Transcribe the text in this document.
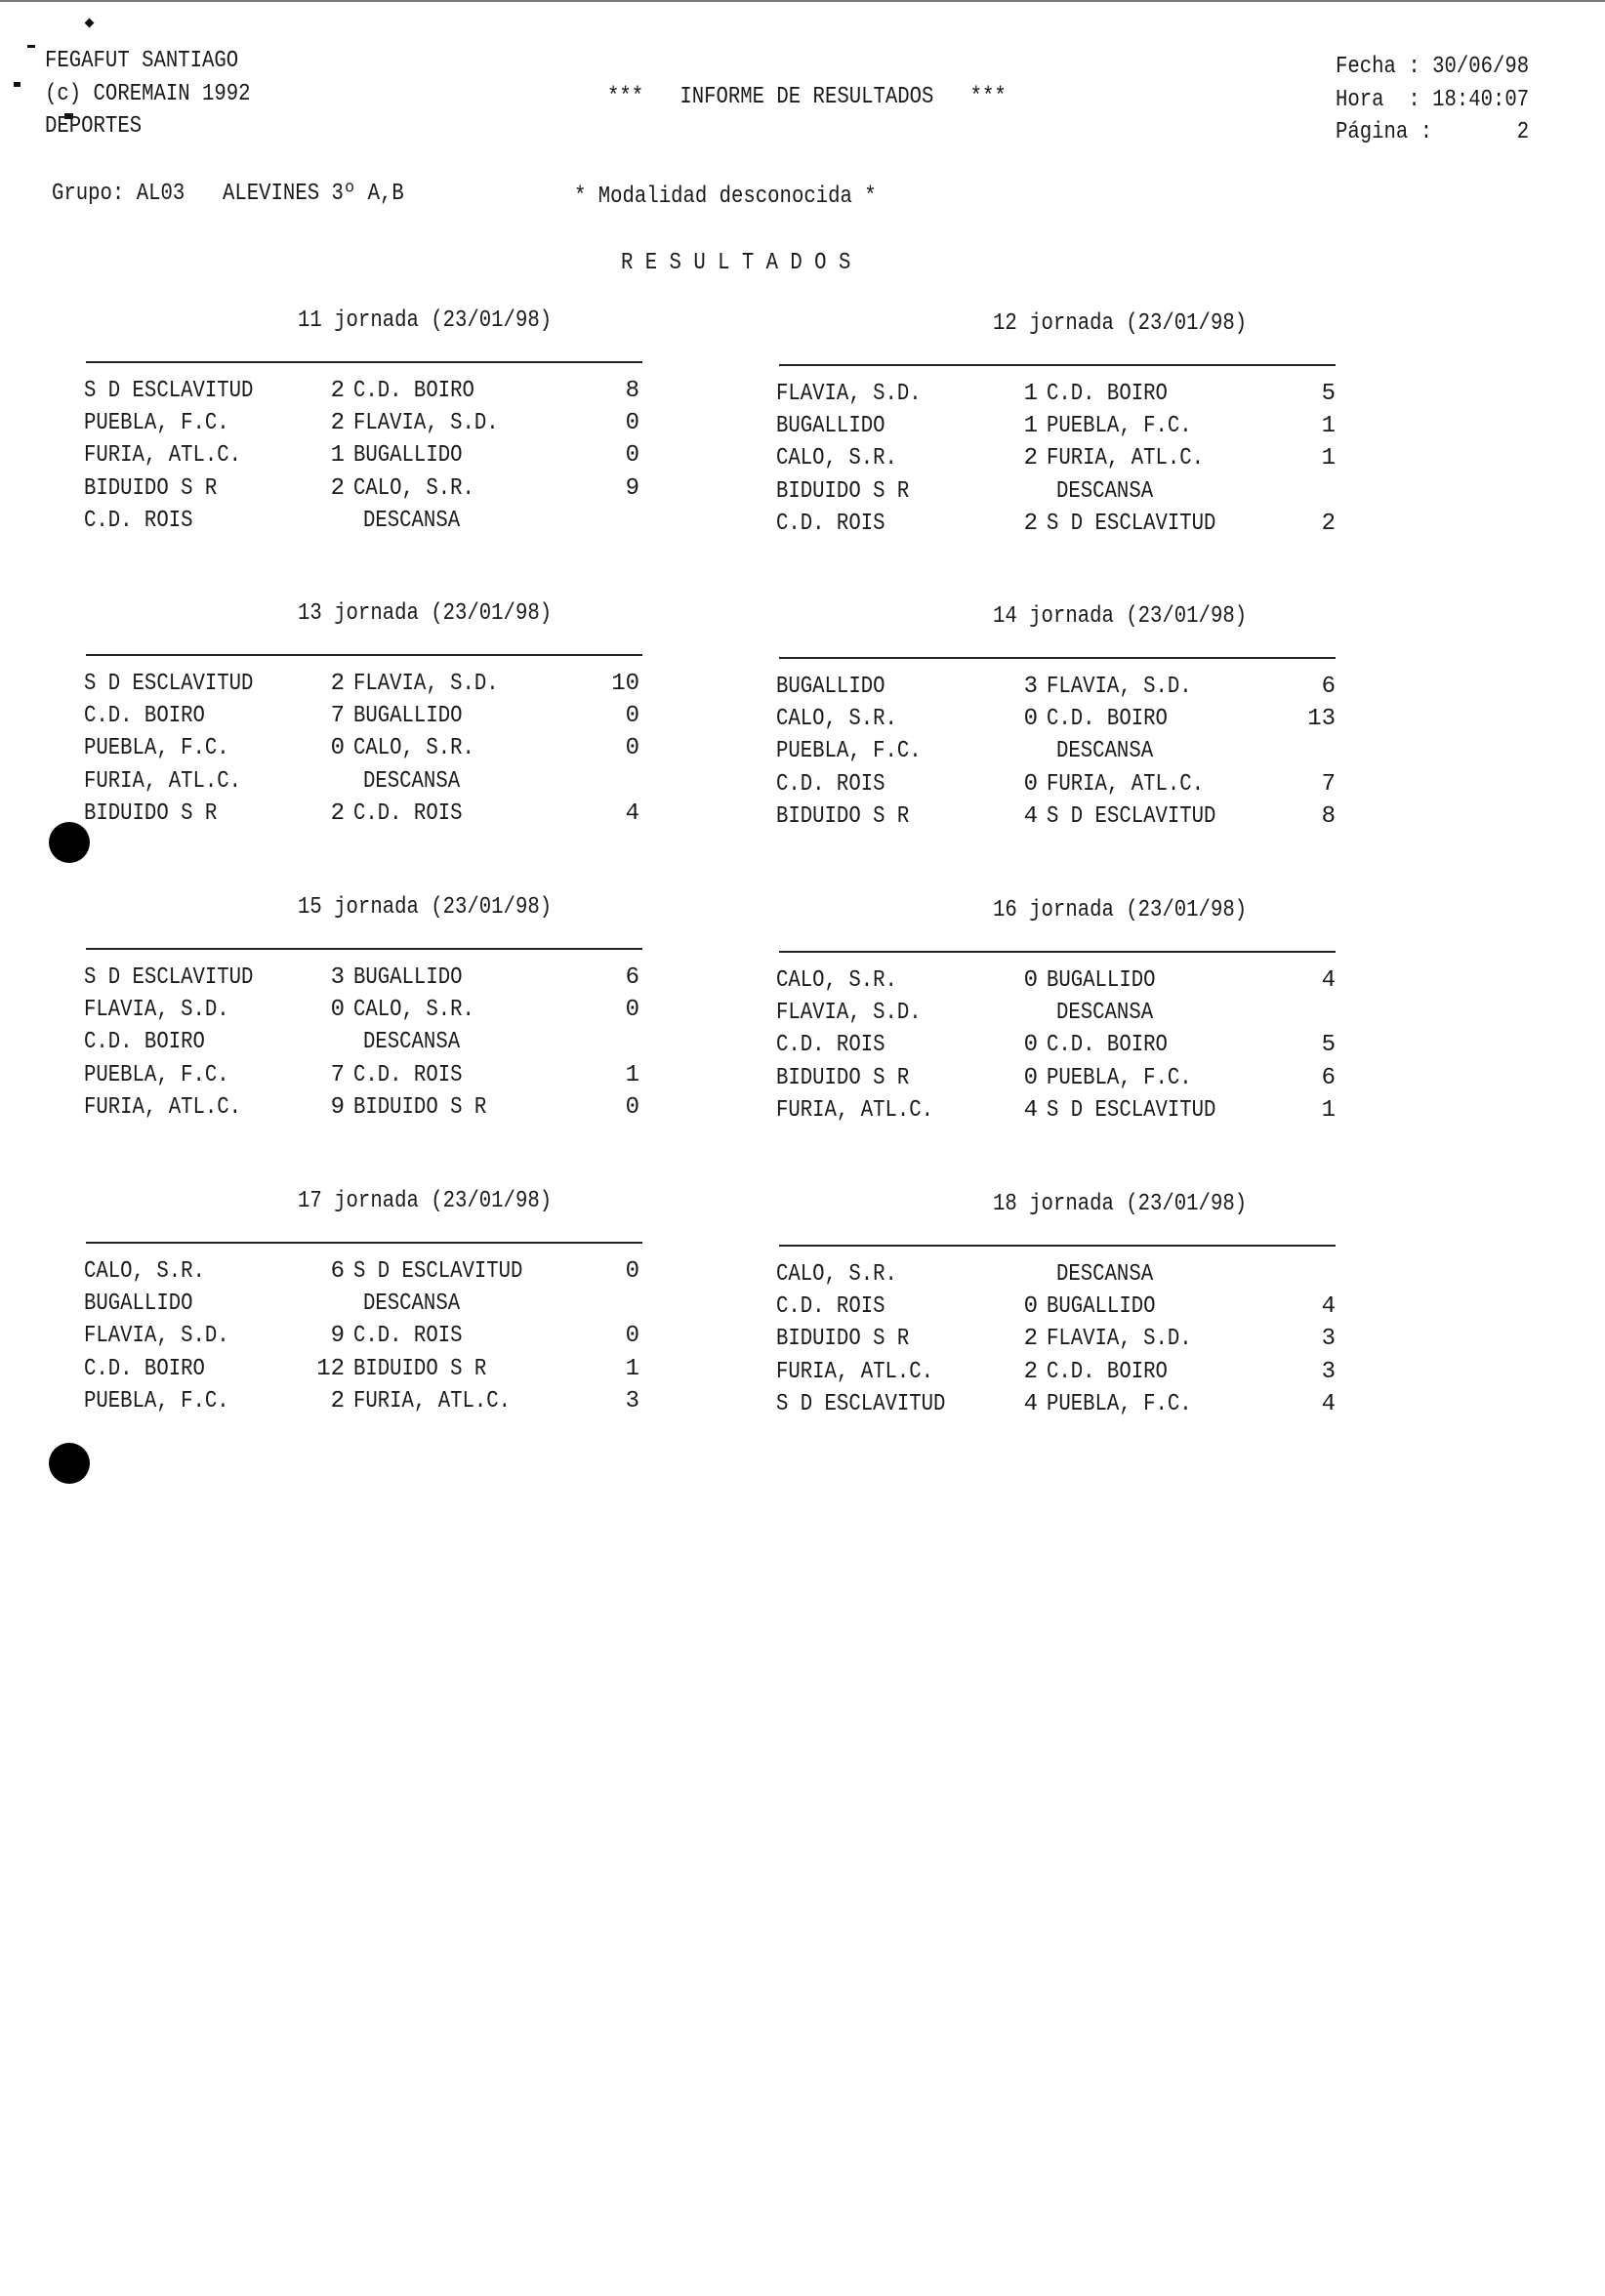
FEGAFUT SANTIAGO
(c) COREMAIN 1992
DEPORTES
***   INFORME DE RESULTADOS   ***
Fecha : 30/06/98
Hora  : 18:40:07
Página :       2
Grupo: AL03 ALEVINES 3º A,B	* Modalidad desconocida *
R E S U L T A D O S
11 jornada (23/01/98)
S D ESCLAVITUD	2 C.D. BOIRO	8
PUEBLA, F.C.	2 FLAVIA, S.D.	0
FURIA, ATL.C.	1 BUGALLIDO	0
BIDUIDO S R	2 CALO, S.R.	9
C.D. ROIS	DESCANSA
12 jornada (23/01/98)
FLAVIA, S.D.	1 C.D. BOIRO	5
BUGALLIDO	1 PUEBLA, F.C.	1
CALO, S.R.	2 FURIA, ATL.C.	1
BIDUIDO S R	DESCANSA
C.D. ROIS	2 S D ESCLAVITUD	2
13 jornada (23/01/98)
S D ESCLAVITUD	2 FLAVIA, S.D.	10
C.D. BOIRO	7 BUGALLIDO	0
PUEBLA, F.C.	0 CALO, S.R.	0
FURIA, ATL.C.	DESCANSA
BIDUIDO S R	2 C.D. ROIS	4
14 jornada (23/01/98)
BUGALLIDO	3 FLAVIA, S.D.	6
CALO, S.R.	0 C.D. BOIRO	13
PUEBLA, F.C.	DESCANSA
C.D. ROIS	0 FURIA, ATL.C.	7
BIDUIDO S R	4 S D ESCLAVITUD	8
15 jornada (23/01/98)
S D ESCLAVITUD	3 BUGALLIDO	6
FLAVIA, S.D.	0 CALO, S.R.	0
C.D. BOIRO	DESCANSA
PUEBLA, F.C.	7 C.D. ROIS	1
FURIA, ATL.C.	9 BIDUIDO S R	0
16 jornada (23/01/98)
CALO, S.R.	0 BUGALLIDO	4
FLAVIA, S.D.	DESCANSA
C.D. ROIS	0 C.D. BOIRO	5
BIDUIDO S R	0 PUEBLA, F.C.	6
FURIA, ATL.C.	4 S D ESCLAVITUD	1
17 jornada (23/01/98)
CALO, S.R.	6 S D ESCLAVITUD	0
BUGALLIDO	DESCANSA
FLAVIA, S.D.	9 C.D. ROIS	0
C.D. BOIRO	12 BIDUIDO S R	1
PUEBLA, F.C.	2 FURIA, ATL.C.	3
18 jornada (23/01/98)
CALO, S.R.	DESCANSA
C.D. ROIS	0 BUGALLIDO	4
BIDUIDO S R	2 FLAVIA, S.D.	3
FURIA, ATL.C.	2 C.D. BOIRO	3
S D ESCLAVITUD	4 PUEBLA, F.C.	4
